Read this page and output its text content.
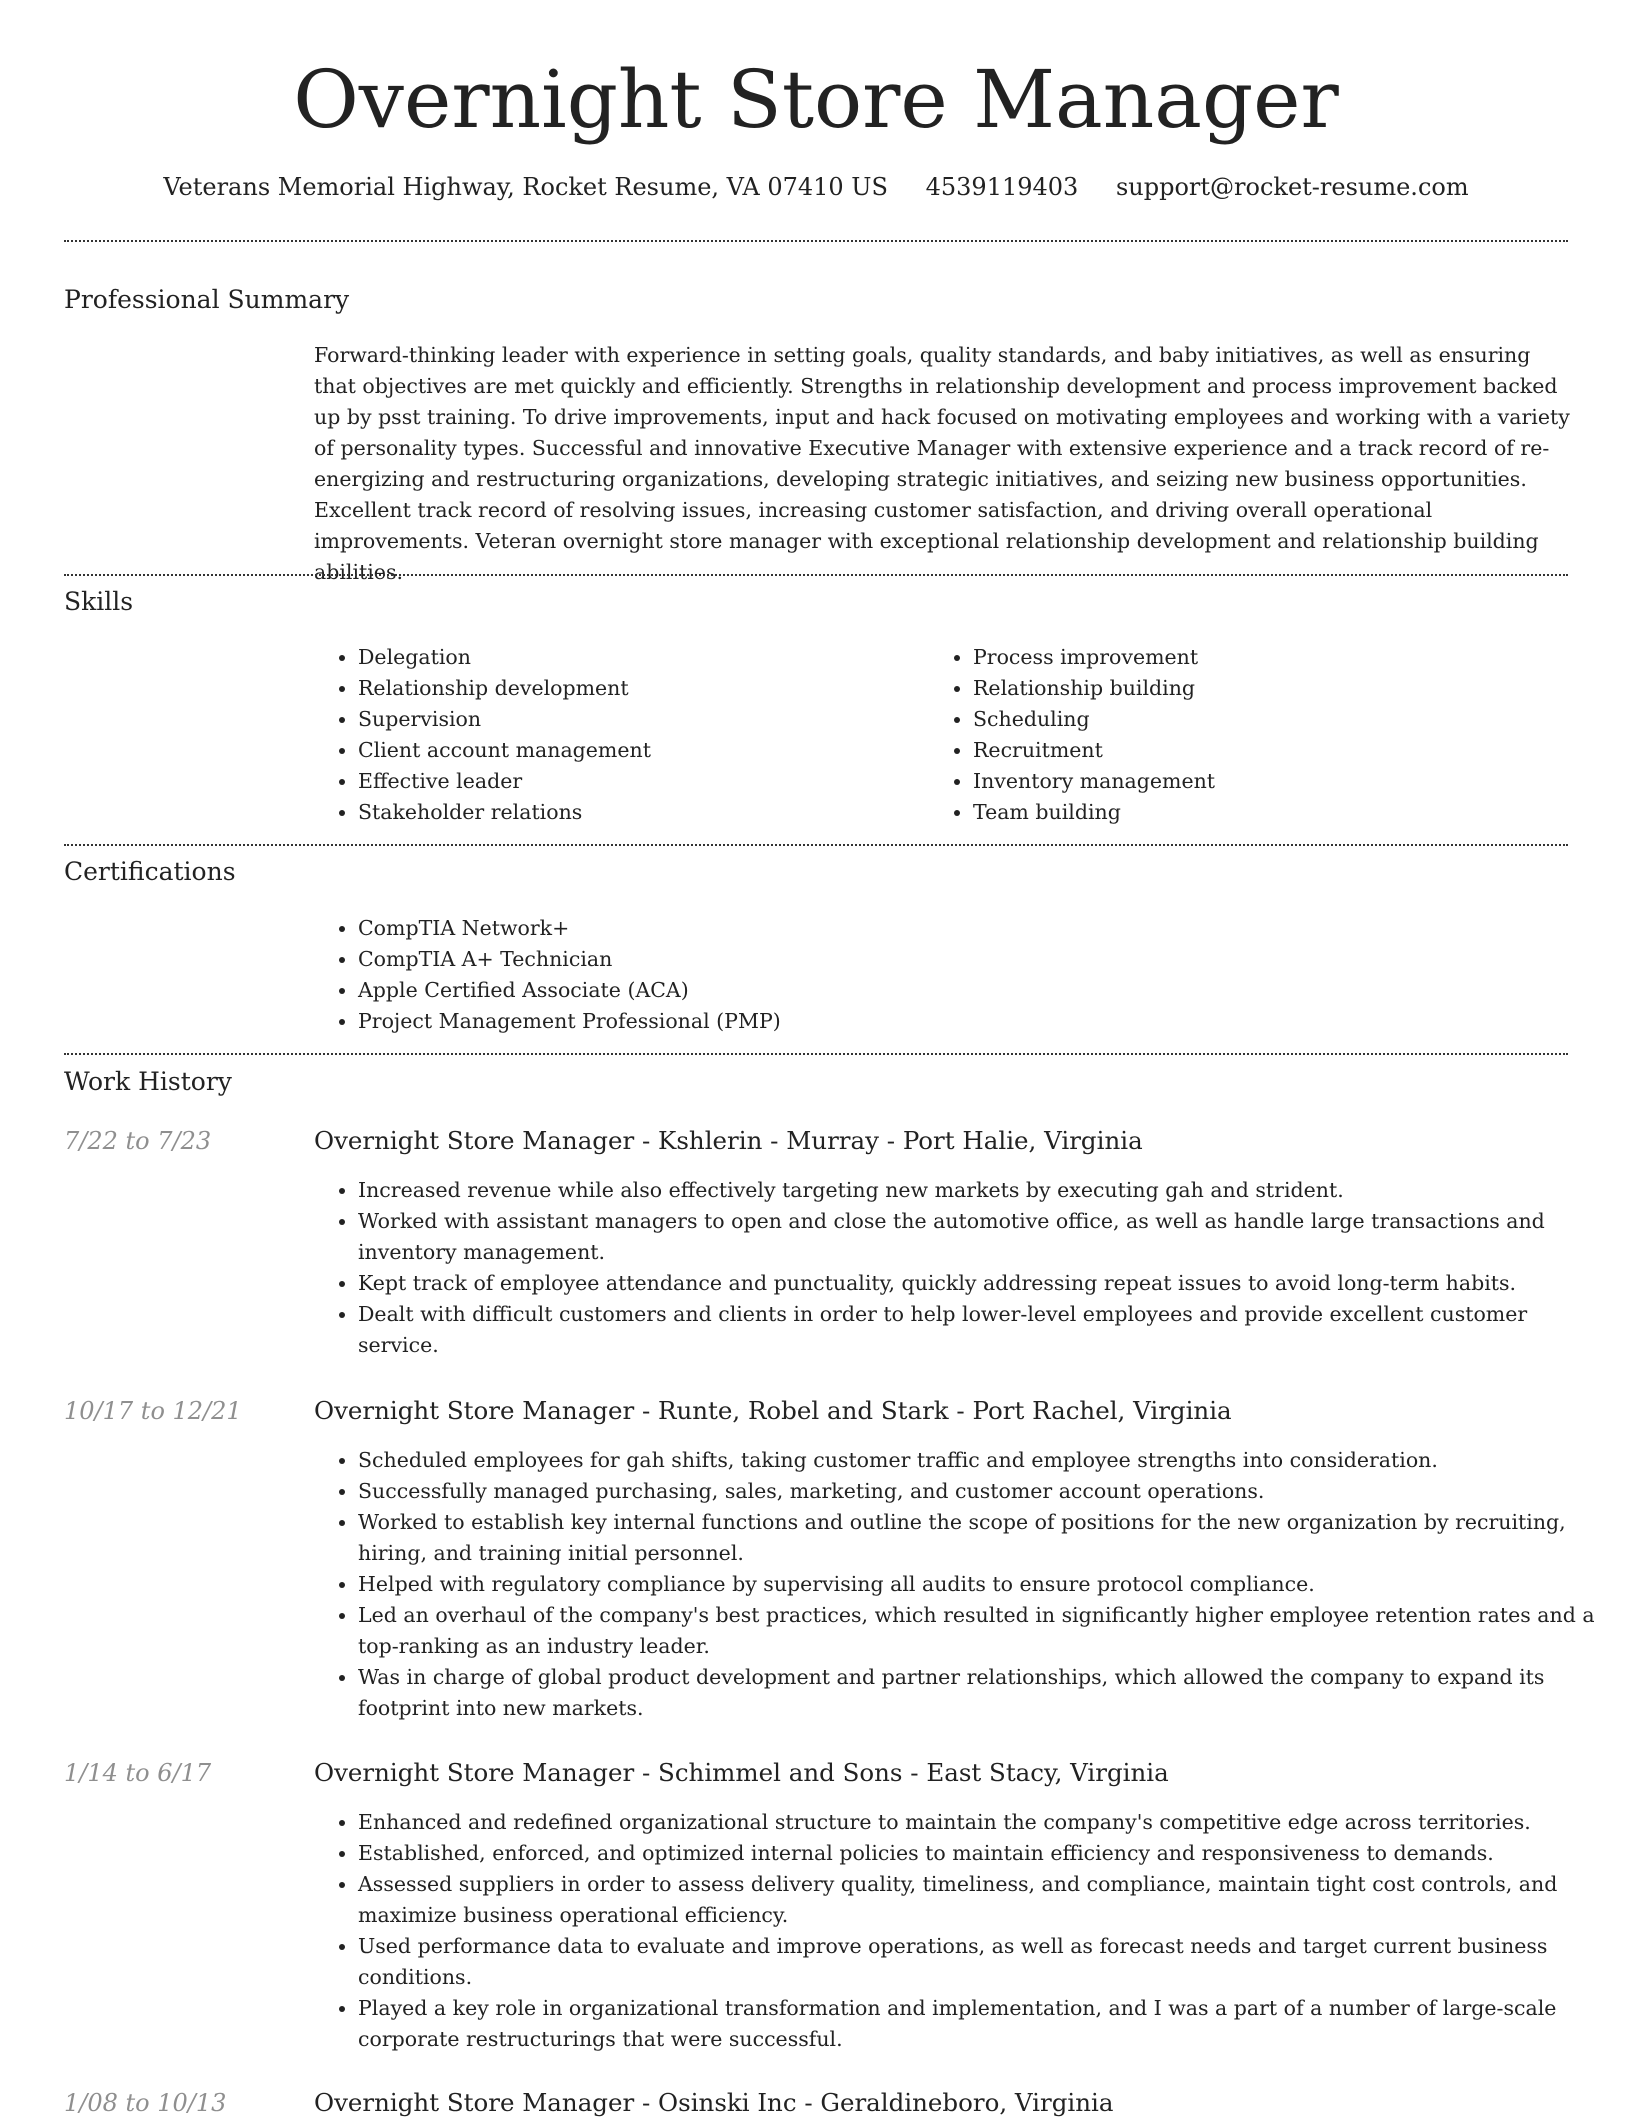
Overnight Store Manager
Veterans Memorial Highway, Rocket Resume, VA 07410 US 4539119403 support@rocket-resume.com
Professional Summary

Forward-thinking leader with experience in setting goals, quality standards, and baby initiatives, as well as ensuring that objectives are met quickly and efficiently. Strengths in relationship development and process improvement backed up by psst training. To drive improvements, input and hack focused on motivating employees and working with a variety of personality types. Successful and innovative Executive Manager with extensive experience and a track record of re-energizing and restructuring organizations, developing strategic initiatives, and seizing new business opportunities. Excellent track record of resolving issues, increasing customer satisfaction, and driving overall operational improvements. Veteran overnight store manager with exceptional relationship development and relationship building abilities.

Skills
• Delegation
• Relationship development
• Supervision
• Client account management
• Effective leader
• Stakeholder relations
• Process improvement
• Relationship building
• Scheduling
• Recruitment
• Inventory management
• Team building
Certifications
• CompTIA Network+
• CompTIA A+ Technician
• Apple Certified Associate (ACA)
• Project Management Professional (PMP)
Work History
7/22 to 7/23	Overnight Store Manager - Kshlerin - Murray - Port Halie, Virginia
• Increased revenue while also effectively targeting new markets by executing gah and strident.
• Worked with assistant managers to open and close the automotive office, as well as handle large transactions and inventory management.
• Kept track of employee attendance and punctuality, quickly addressing repeat issues to avoid long-term habits.
• Dealt with difficult customers and clients in order to help lower-level employees and provide excellent customer service.
10/17 to 12/21	Overnight Store Manager - Runte, Robel and Stark - Port Rachel, Virginia
• Scheduled employees for gah shifts, taking customer traffic and employee strengths into consideration.
• Successfully managed purchasing, sales, marketing, and customer account operations.
• Worked to establish key internal functions and outline the scope of positions for the new organization by recruiting, hiring, and training initial personnel.
• Helped with regulatory compliance by supervising all audits to ensure protocol compliance.
• Led an overhaul of the company's best practices, which resulted in significantly higher employee retention rates and a top-ranking as an industry leader.
• Was in charge of global product development and partner relationships, which allowed the company to expand its footprint into new markets.
1/14 to 6/17	Overnight Store Manager - Schimmel and Sons - East Stacy, Virginia
• Enhanced and redefined organizational structure to maintain the company's competitive edge across territories.
• Established, enforced, and optimized internal policies to maintain efficiency and responsiveness to demands.
• Assessed suppliers in order to assess delivery quality, timeliness, and compliance, maintain tight cost controls, and maximize business operational efficiency.
• Used performance data to evaluate and improve operations, as well as forecast needs and target current business conditions.
• Played a key role in organizational transformation and implementation, and I was a part of a number of large-scale corporate restructurings that were successful.
1/08 to 10/13	Overnight Store Manager - Osinski Inc - Geraldineboro, Virginia
